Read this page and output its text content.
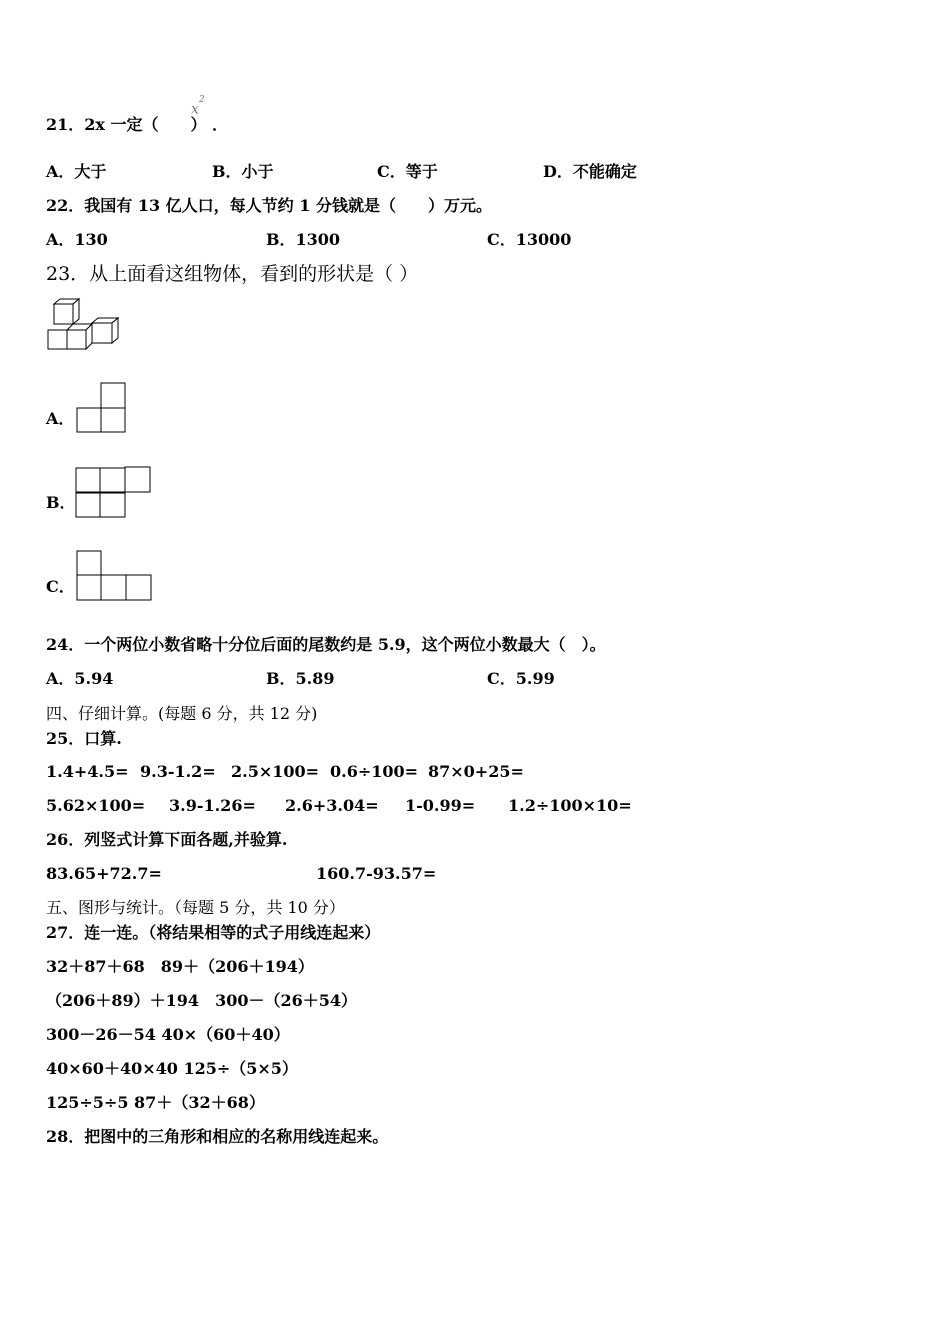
21．2x 一定（　　）
$x^2$
．
A．大于	B．小于	C．等于	D．不能确定
22．我国有 13 亿人口，每人节约 1 分钱就是（　　）万元。
A．130	B．1300	C．13000
23．从上面看这组物体，看到的形状是（ ）
A．
B．
C．
24．一个两位小数省略十分位后面的尾数约是 5.9，这个两位小数最大（　）。
A．5.94	B．5.89	C．5.99
四、仔细计算。(每题 6 分，共 12 分)
25．口算.
1.4+4.5= 9.3-1.2= 2.5×100= 0.6÷100= 87×0+25=
5.62×100= 3.9-1.26= 2.6+3.04= 1-0.99= 1.2÷100×10=
26．列竖式计算下面各题,并验算.
83.65+72.7=	160.7-93.57=
五、图形与统计。（每题 5 分，共 10 分）
27．连一连。（将结果相等的式子用线连起来）
32＋87＋68　89＋（206＋194）
（206＋89）＋194　300－（26＋54）
300－26－54 40×（60＋40）
40×60＋40×40 125÷（5×5）
125÷5÷5 87＋（32＋68）
28．把图中的三角形和相应的名称用线连起来。
